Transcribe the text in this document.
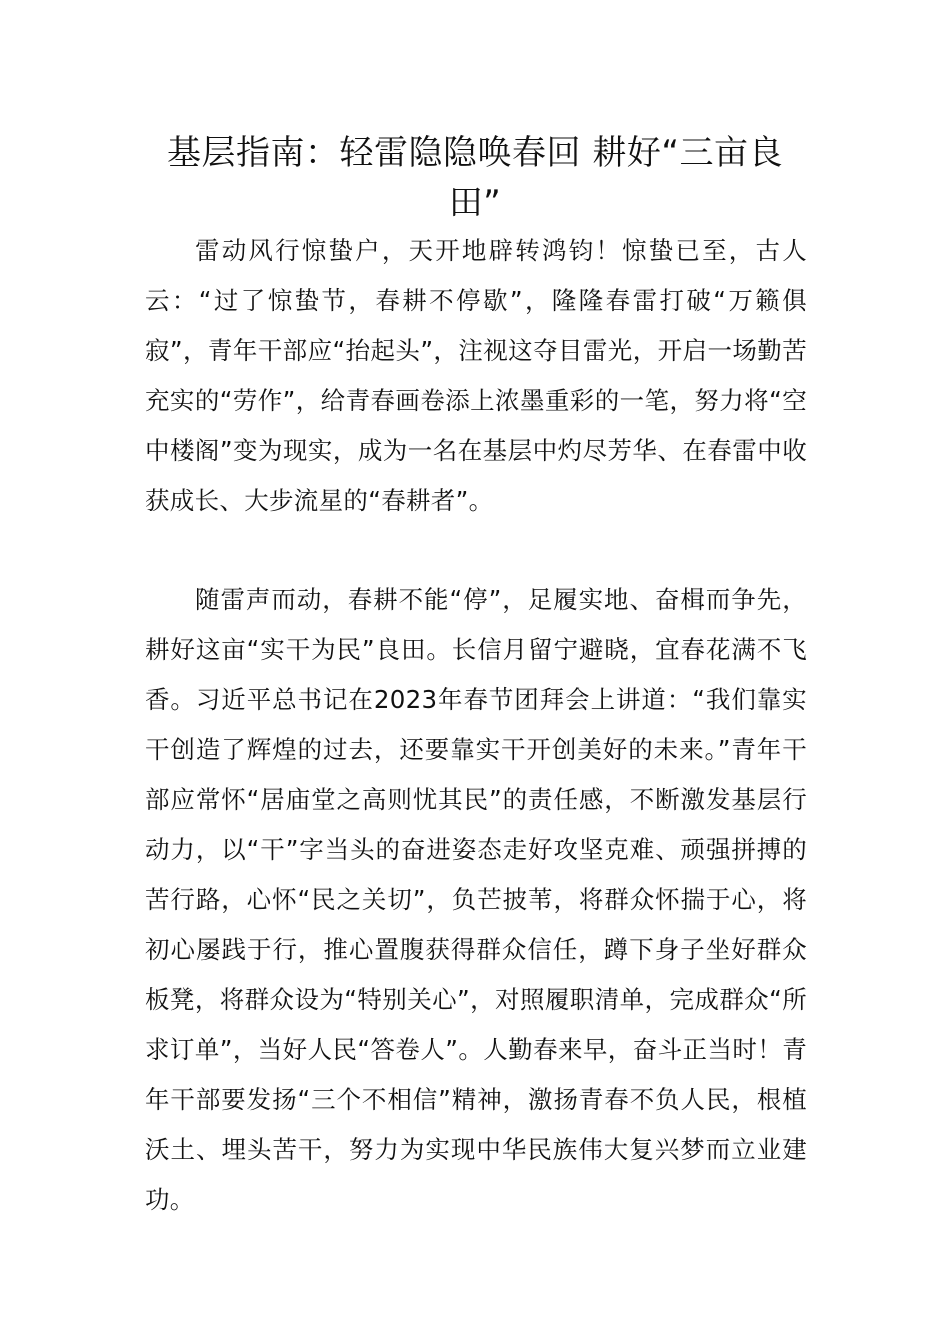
基层指南：轻雷隐隐唤春回 耕好“三亩良田”

雷动风行惊蛰户，天开地辟转鸿钧！惊蛰已至，古人云：“过了惊蛰节，春耕不停歇”，隆隆春雷打破“万籁俱寂”，青年干部应“抬起头”，注视这夺目雷光，开启一场勤苦充实的“劳作”，给青春画卷添上浓墨重彩的一笔，努力将“空中楼阁”变为现实，成为一名在基层中灼尽芳华、在春雷中收获成长、大步流星的“春耕者”。

随雷声而动，春耕不能“停”，足履实地、奋楫而争先，耕好这亩“实干为民”良田。长信月留宁避晓，宜春花满不飞香。习近平总书记在2023年春节团拜会上讲道：“我们靠实干创造了辉煌的过去，还要靠实干开创美好的未来。”青年干部应常怀“居庙堂之高则忧其民”的责任感，不断激发基层行动力，以“干”字当头的奋进姿态走好攻坚克难、顽强拼搏的苦行路，心怀“民之关切”，负芒披苇，将群众怀揣于心，将初心屡践于行，推心置腹获得群众信任，蹲下身子坐好群众板凳，将群众设为“特别关心”，对照履职清单，完成群众“所求订单”，当好人民“答卷人”。人勤春来早，奋斗正当时！青年干部要发扬“三个不相信”精神，激扬青春不负人民，根植沃土、埋头苦干，努力为实现中华民族伟大复兴梦而立业建功。
